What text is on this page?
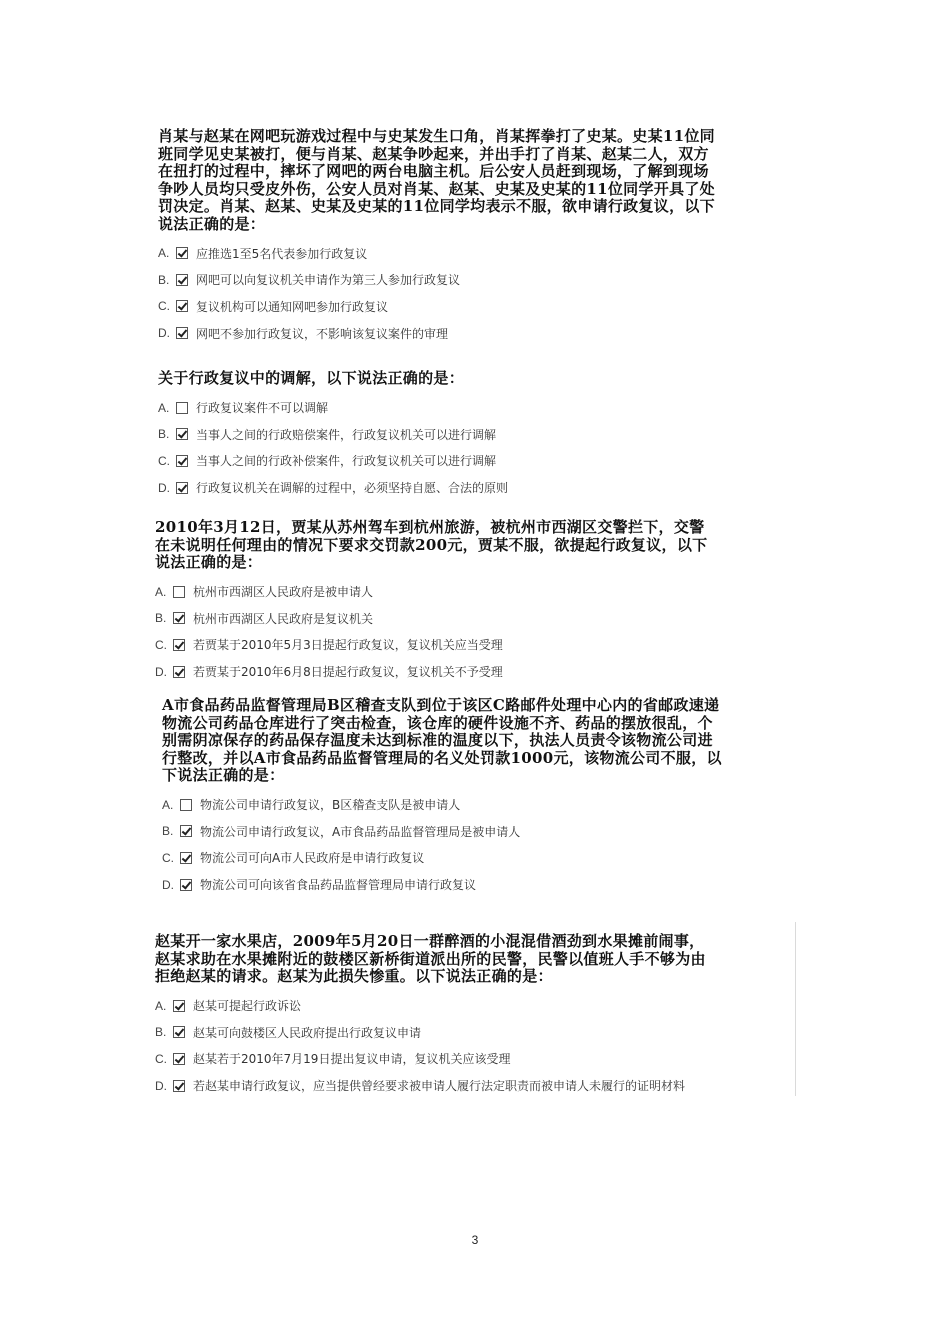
肖某与赵某在网吧玩游戏过程中与史某发生口角，肖某挥拳打了史某。史某11位同班同学见史某被打，便与肖某、赵某争吵起来，并出手打了肖某、赵某二人，双方在扭打的过程中，摔坏了网吧的两台电脑主机。后公安人员赶到现场，了解到现场争吵人员均只受皮外伤，公安人员对肖某、赵某、史某及史某的11位同学开具了处罚决定。肖某、赵某、史某及史某的11位同学均表示不服，欲申请行政复议，以下说法正确的是：

A.	应推选1至5名代表参加行政复议
B.	网吧可以向复议机关申请作为第三人参加行政复议
C.	复议机构可以通知网吧参加行政复议
D.	网吧不参加行政复议，不影响该复议案件的审理

关于行政复议中的调解，以下说法正确的是：

A.	行政复议案件不可以调解
B.	当事人之间的行政赔偿案件，行政复议机关可以进行调解
C.	当事人之间的行政补偿案件，行政复议机关可以进行调解
D.	行政复议机关在调解的过程中，必须坚持自愿、合法的原则

2010年3月12日，贾某从苏州驾车到杭州旅游，被杭州市西湖区交警拦下，交警在未说明任何理由的情况下要求交罚款200元，贾某不服，欲提起行政复议，以下说法正确的是：

A.	杭州市西湖区人民政府是被申请人
B.	杭州市西湖区人民政府是复议机关
C.	若贾某于2010年5月3日提起行政复议，复议机关应当受理
D.	若贾某于2010年6月8日提起行政复议，复议机关不予受理

A市食品药品监督管理局B区稽查支队到位于该区C路邮件处理中心内的省邮政速递物流公司药品仓库进行了突击检查，该仓库的硬件设施不齐、药品的摆放很乱，个别需阴凉保存的药品保存温度未达到标准的温度以下，执法人员责令该物流公司进行整改，并以A市食品药品监督管理局的名义处罚款1000元，该物流公司不服，以下说法正确的是：

A.	物流公司申请行政复议，B区稽查支队是被申请人
B.	物流公司申请行政复议，A市食品药品监督管理局是被申请人
C.	物流公司可向A市人民政府是申请行政复议
D.	物流公司可向该省食品药品监督管理局申请行政复议

赵某开一家水果店，2009年5月20日一群醉酒的小混混借酒劲到水果摊前闹事，赵某求助在水果摊附近的鼓楼区新桥街道派出所的民警，民警以值班人手不够为由拒绝赵某的请求。赵某为此损失惨重。以下说法正确的是：

A.	赵某可提起行政诉讼
B.	赵某可向鼓楼区人民政府提出行政复议申请
C.	赵某若于2010年7月19日提出复议申请，复议机关应该受理
D.	若赵某申请行政复议，应当提供曾经要求被申请人履行法定职责而被申请人未履行的证明材料
3
